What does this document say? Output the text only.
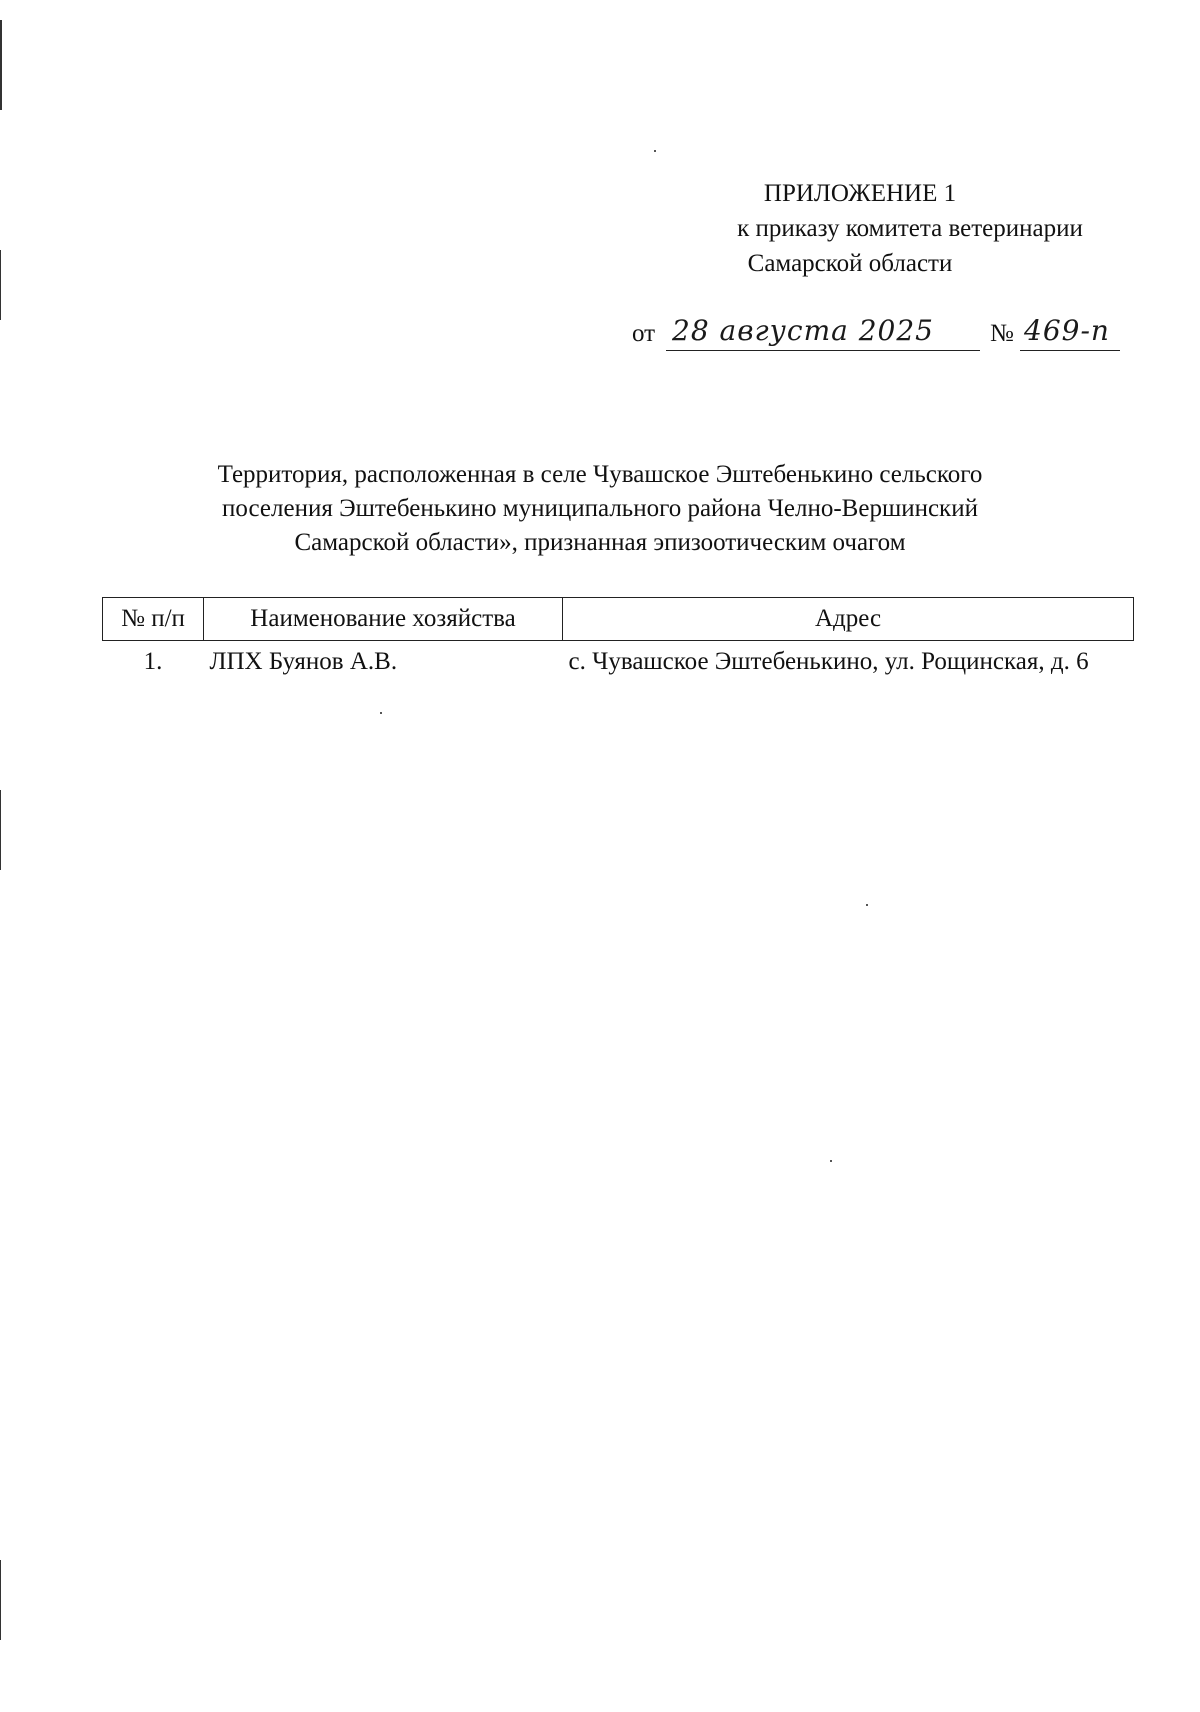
ПРИЛОЖЕНИЕ 1
к приказу комитета ветеринарии
Самарской области
от 28 августа 2025 № 469-п
Территория, расположенная в селе Чувашское Эштебенькино сельского
поселения Эштебенькино муниципального района Челно-Вершинский
Самарской области», признанная эпизоотическим очагом
№ п/п	Наименование хозяйства	Адрес
1.	ЛПХ Буянов А.В.	с. Чувашское Эштебенькино, ул. Рощинская, д. 6
